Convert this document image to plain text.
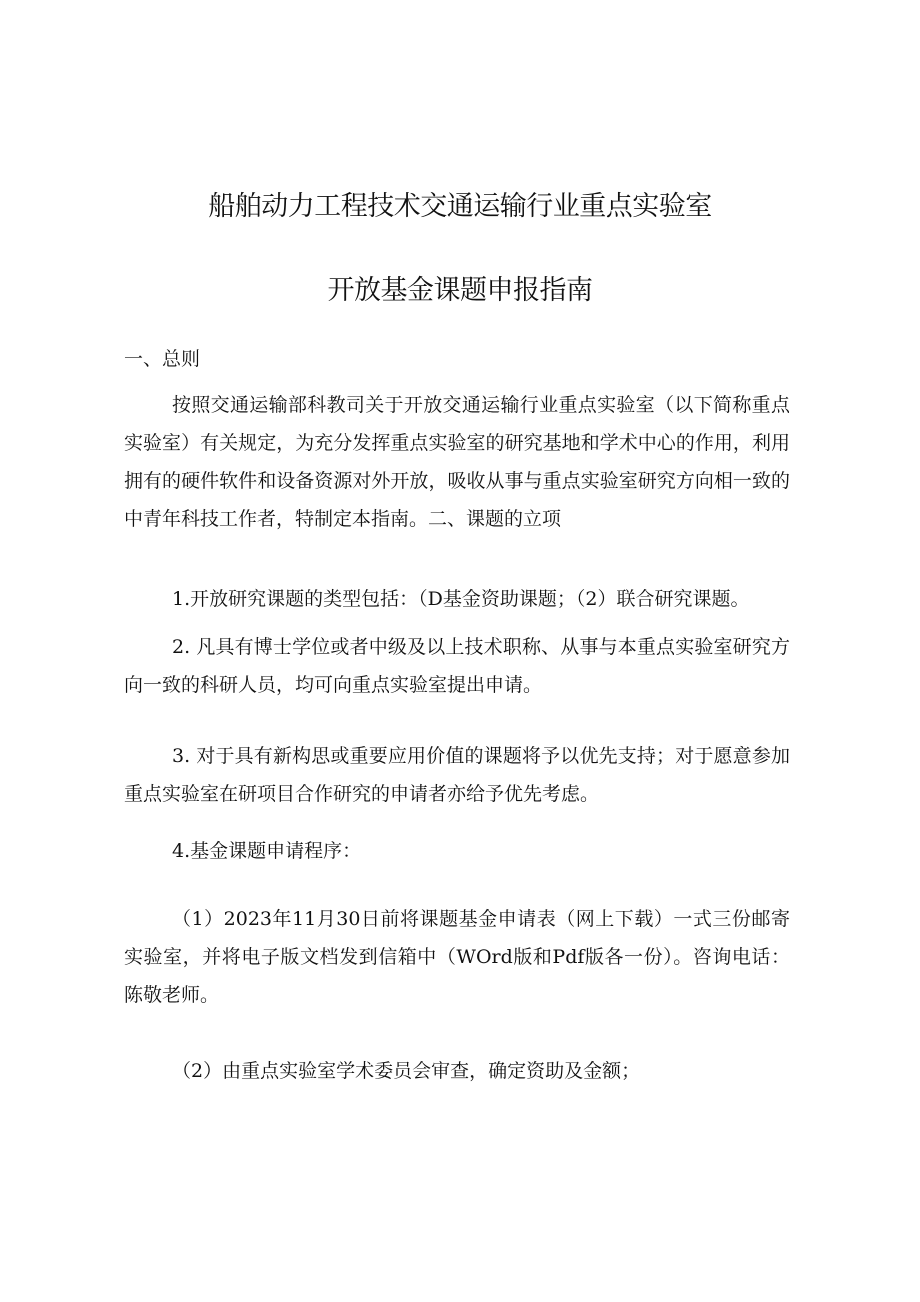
船舶动力工程技术交通运输行业重点实验室
开放基金课题申报指南
一、总则
按照交通运输部科教司关于开放交通运输行业重点实验室（以下简称重点实验室）有关规定，为充分发挥重点实验室的研究基地和学术中心的作用，利用拥有的硬件软件和设备资源对外开放，吸收从事与重点实验室研究方向相一致的中青年科技工作者，特制定本指南。二、课题的立项
1.开放研究课题的类型包括：（D基金资助课题；（2）联合研究课题。
2. 凡具有博士学位或者中级及以上技术职称、从事与本重点实验室研究方向一致的科研人员，均可向重点实验室提出申请。
3. 对于具有新构思或重要应用价值的课题将予以优先支持；对于愿意参加重点实验室在研项目合作研究的申请者亦给予优先考虑。
4.基金课题申请程序：
（1）2023年11月30日前将课题基金申请表（网上下载）一式三份邮寄实验室，并将电子版文档发到信箱中（WOrd版和Pdf版各一份）。咨询电话：陈敬老师。
（2）由重点实验室学术委员会审查，确定资助及金额；
